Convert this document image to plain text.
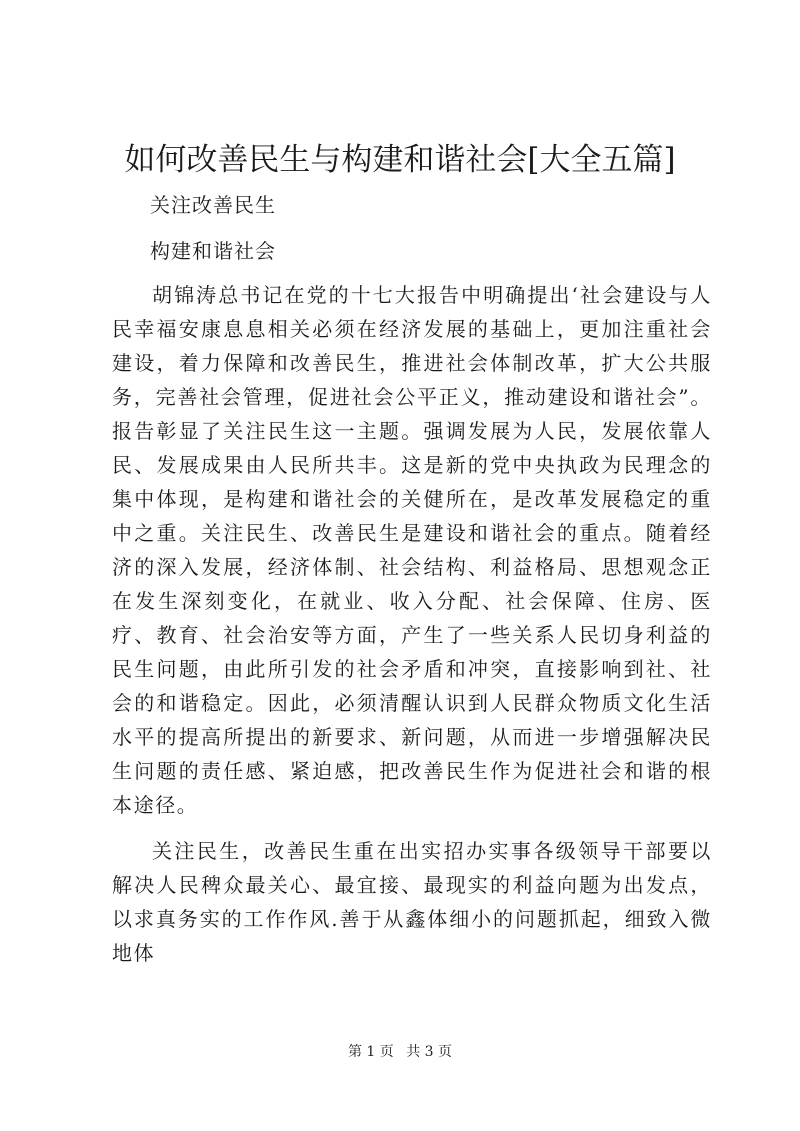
如何改善民生与构建和谐社会[大全五篇]

关注改善民生

构建和谐社会

胡锦涛总书记在党的十七大报告中明确提出‘社会建设与人民幸福安康息息相关必须在经济发展的基础上，更加注重社会建设，着力保障和改善民生，推进社会体制改革，扩大公共服务，完善社会管理，促进社会公平正义，推动建设和谐社会”。报告彰显了关注民生这一主题。强调发展为人民，发展依靠人民、发展成果由人民所共丰。这是新的党中央执政为民理念的集中体现，是构建和谐社会的关健所在，是改革发展稳定的重中之重。关注民生、改善民生是建设和谐社会的重点。随着经济的深入发展，经济体制、社会结构、利益格局、思想观念正在发生深刻变化，在就业、收入分配、社会保障、住房、医疗、教育、社会治安等方面，产生了一些关系人民切身利益的民生问题，由此所引发的社会矛盾和冲突，直接影响到社、社会的和谐稳定。因此，必须清醒认识到人民群众物质文化生活水平的提高所提出的新要求、新问题，从而进一步增强解决民生问题的责任感、紧迫感，把改善民生作为促进社会和谐的根本途径。

关注民生，改善民生重在出实招办实事各级领导干部要以解决人民稗众最关心、最宜接、最现实的利益向题为出发点，以求真务实的工作作风.善于从鑫体细小的问题抓起，细致入微地体

第 1 页 共 3 页
